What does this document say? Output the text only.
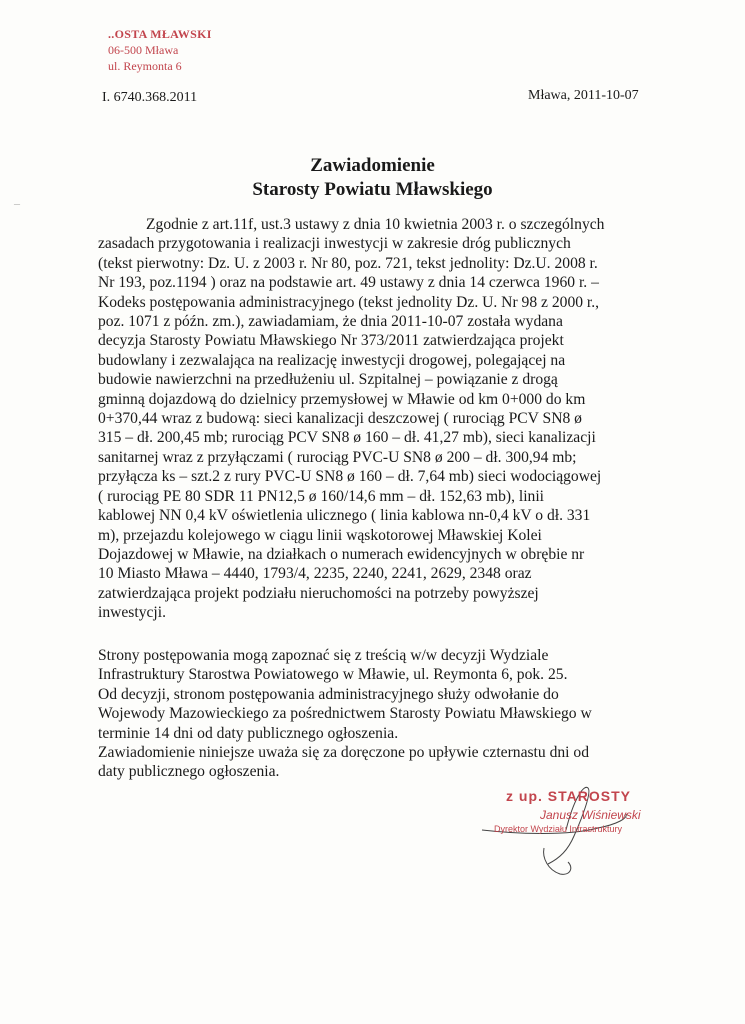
..OSTA MŁAWSKI
06-500 Mława
ul. Reymonta 6
I. 6740.368.2011	Mława, 2011-10-07
Zawiadomienie
Starosty Powiatu Mławskiego
Zgodnie z art.11f, ust.3 ustawy z dnia 10 kwietnia 2003 r. o szczególnych
zasadach przygotowania i realizacji inwestycji w zakresie dróg publicznych
(tekst pierwotny: Dz. U. z 2003 r. Nr 80, poz. 721, tekst jednolity: Dz.U. 2008 r.
Nr 193, poz.1194 ) oraz na podstawie art. 49 ustawy z dnia 14 czerwca 1960 r. –
Kodeks postępowania administracyjnego (tekst jednolity Dz. U. Nr 98 z 2000 r.,
poz. 1071 z późn. zm.), zawiadamiam, że dnia 2011-10-07 została wydana
decyzja Starosty Powiatu Mławskiego Nr 373/2011 zatwierdzająca projekt
budowlany i zezwalająca na realizację inwestycji drogowej, polegającej na
budowie nawierzchni na przedłużeniu ul. Szpitalnej – powiązanie z drogą
gminną dojazdową do dzielnicy przemysłowej w Mławie od km 0+000 do km
0+370,44 wraz z budową: sieci kanalizacji deszczowej ( rurociąg PCV SN8 ø
315 – dł. 200,45 mb; rurociąg PCV SN8 ø 160 – dł. 41,27 mb), sieci kanalizacji
sanitarnej wraz z przyłączami ( rurociąg PVC-U SN8 ø 200 – dł. 300,94 mb;
przyłącza ks – szt.2 z rury PVC-U SN8 ø 160 – dł. 7,64 mb) sieci wodociągowej
( rurociąg PE 80 SDR 11 PN12,5 ø 160/14,6 mm – dł. 152,63 mb), linii
kablowej NN 0,4 kV oświetlenia ulicznego ( linia kablowa nn-0,4 kV o dł. 331
m), przejazdu kolejowego w ciągu linii wąskotorowej Mławskiej Kolei
Dojazdowej w Mławie, na działkach o numerach ewidencyjnych w obrębie nr
10 Miasto Mława – 4440, 1793/4, 2235, 2240, 2241, 2629, 2348 oraz
zatwierdzająca projekt podziału nieruchomości na potrzeby powyższej
inwestycji.
Strony postępowania mogą zapoznać się z treścią w/w decyzji Wydziale
Infrastruktury Starostwa Powiatowego w Mławie, ul. Reymonta 6, pok. 25.
Od decyzji, stronom postępowania administracyjnego służy odwołanie do
Wojewody Mazowieckiego za pośrednictwem Starosty Powiatu Mławskiego w
terminie 14 dni od daty publicznego ogłoszenia.
Zawiadomienie niniejsze uważa się za doręczone po upływie czternastu dni od
daty publicznego ogłoszenia.
z up. STAROSTY
Janusz Wiśniewski
Dyrektor Wydziału Infrastruktury
‒
